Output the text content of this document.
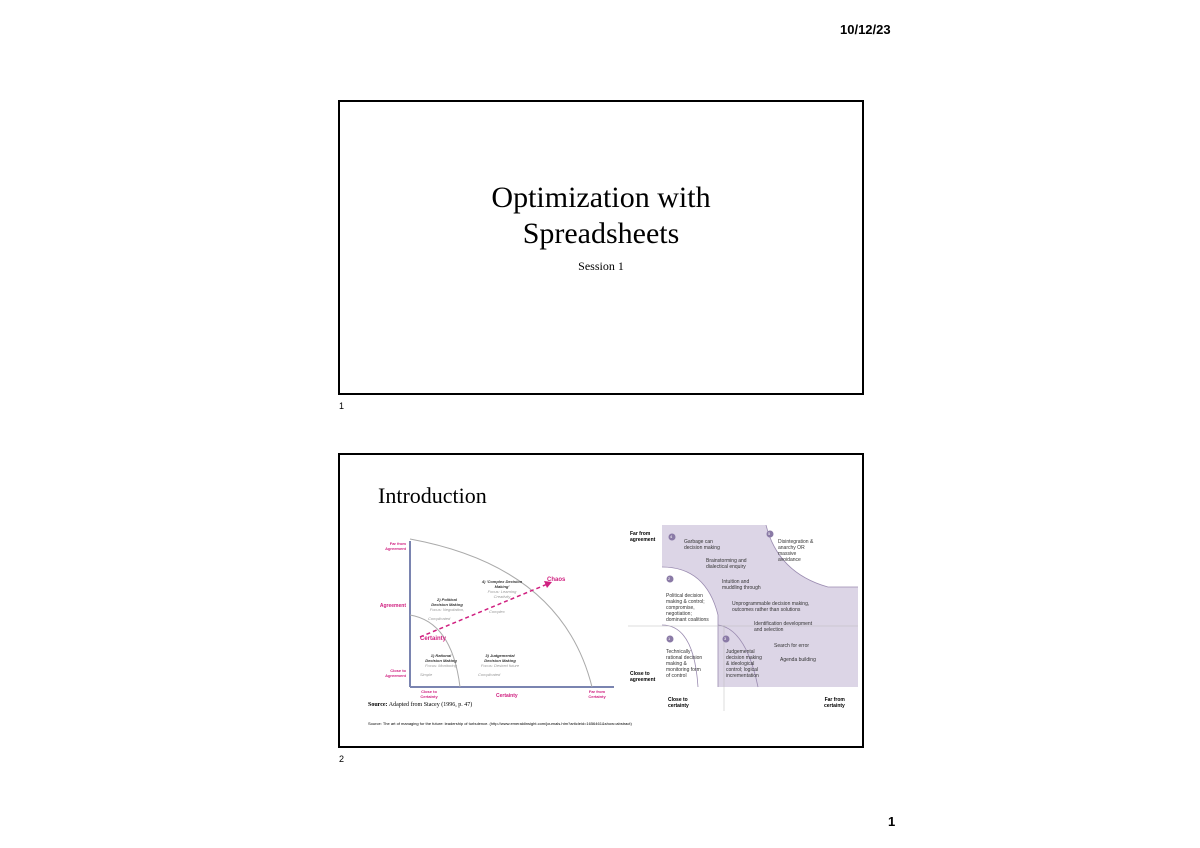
10/12/23
Optimization with
Spreadsheets
Session 1
1
Introduction
Far from
Agreement
Agreement
Close to
Agreement
Close to
Certainty	Certainty
Far from
Certainty
Chaos
Certainty
4) 'Complex Decision
Making'
Focus: Learning
Creativity
Complex
2) Political
Decision Making
Focus: Negotiation,
Complicated
1) Rational
Decision Making
Focus: Monitoring
Simple
3) Judgemental
Decision Making
Focus: Desired future
Complicated
Source: Adapted from Stacey (1996, p. 47)
4
5
2
1	3
Far from
agreement
Close to
agreement
Close to
certainty
Far from
certainty
Garbage can
decision making
Disintegration &
anarchy OR
massive
avoidance
Brainstorming and
dialectical enquiry
Intuition and
muddling through
Political decision
making & control;
compromise,
negotiation;
dominant coalitions
Unprogrammable decision making,
outcomes rather than solutions
Identification development
and selection
Technically
rational decision
making &
monitoring form
of control
Judgemental
decision making
& ideological
control; logical
incrementation
Search for error
Agenda building
Source: The art of managing for the future: leadership of turbulence. (http://www.emeraldinsight.com/journals.htm?articleid=1656461&show=abstract)
2
1
